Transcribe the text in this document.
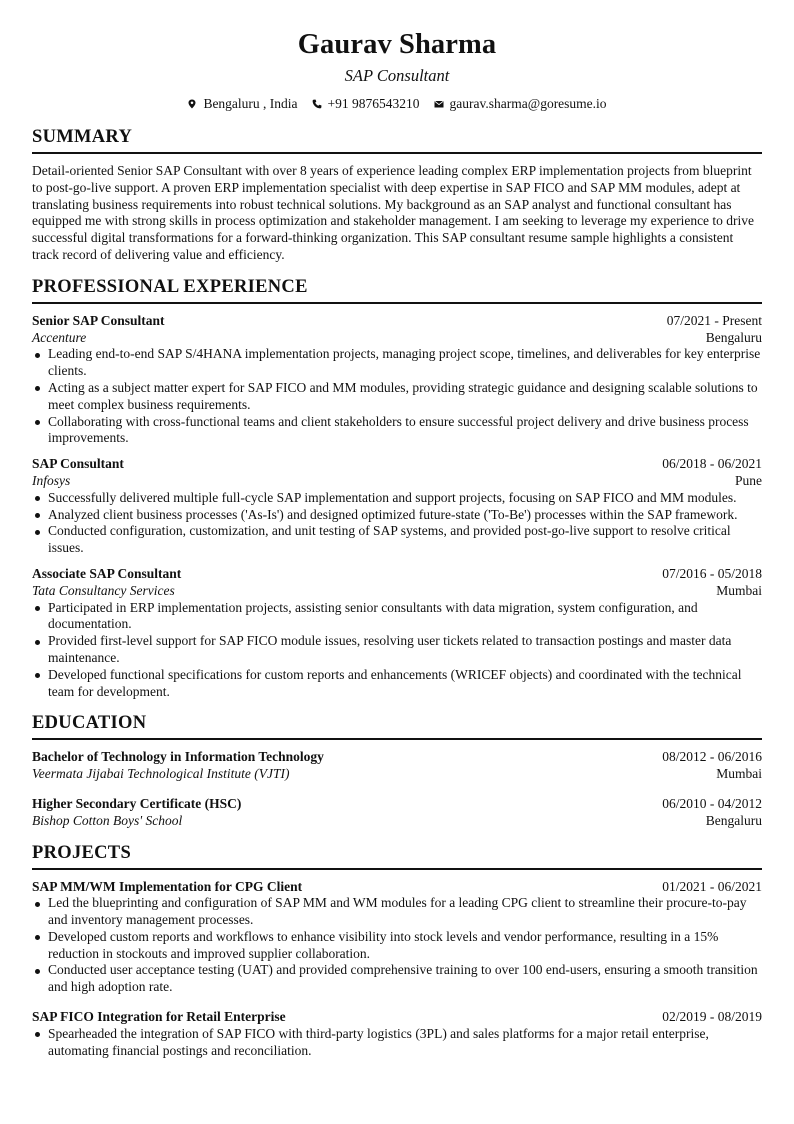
Gaurav Sharma
SAP Consultant
Bengaluru , India +91 9876543210 gaurav.sharma@goresume.io
SUMMARY
Detail-oriented Senior SAP Consultant with over 8 years of experience leading complex ERP implementation projects from blueprint to post-go-live support. A proven ERP implementation specialist with deep expertise in SAP FICO and SAP MM modules, adept at translating business requirements into robust technical solutions. My background as an SAP analyst and functional consultant has equipped me with strong skills in process optimization and stakeholder management. I am seeking to leverage my experience to drive successful digital transformations for a forward-thinking organization. This SAP consultant resume sample highlights a consistent track record of delivering value and efficiency.
PROFESSIONAL EXPERIENCE
Senior SAP Consultant	07/2021 - Present
Accenture	Bengaluru
Leading end-to-end SAP S/4HANA implementation projects, managing project scope, timelines, and deliverables for key enterprise clients.
Acting as a subject matter expert for SAP FICO and MM modules, providing strategic guidance and designing scalable solutions to meet complex business requirements.
Collaborating with cross-functional teams and client stakeholders to ensure successful project delivery and drive business process improvements.
SAP Consultant	06/2018 - 06/2021
Infosys	Pune
Successfully delivered multiple full-cycle SAP implementation and support projects, focusing on SAP FICO and MM modules.
Analyzed client business processes ('As-Is') and designed optimized future-state ('To-Be') processes within the SAP framework.
Conducted configuration, customization, and unit testing of SAP systems, and provided post-go-live support to resolve critical issues.
Associate SAP Consultant	07/2016 - 05/2018
Tata Consultancy Services	Mumbai
Participated in ERP implementation projects, assisting senior consultants with data migration, system configuration, and documentation.
Provided first-level support for SAP FICO module issues, resolving user tickets related to transaction postings and master data maintenance.
Developed functional specifications for custom reports and enhancements (WRICEF objects) and coordinated with the technical team for development.
EDUCATION
Bachelor of Technology in Information Technology	08/2012 - 06/2016
Veermata Jijabai Technological Institute (VJTI)	Mumbai
Higher Secondary Certificate (HSC)	06/2010 - 04/2012
Bishop Cotton Boys' School	Bengaluru
PROJECTS
SAP MM/WM Implementation for CPG Client	01/2021 - 06/2021
Led the blueprinting and configuration of SAP MM and WM modules for a leading CPG client to streamline their procure-to-pay and inventory management processes.
Developed custom reports and workflows to enhance visibility into stock levels and vendor performance, resulting in a 15% reduction in stockouts and improved supplier collaboration.
Conducted user acceptance testing (UAT) and provided comprehensive training to over 100 end-users, ensuring a smooth transition and high adoption rate.
SAP FICO Integration for Retail Enterprise	02/2019 - 08/2019
Spearheaded the integration of SAP FICO with third-party logistics (3PL) and sales platforms for a major retail enterprise, automating financial postings and reconciliation.
